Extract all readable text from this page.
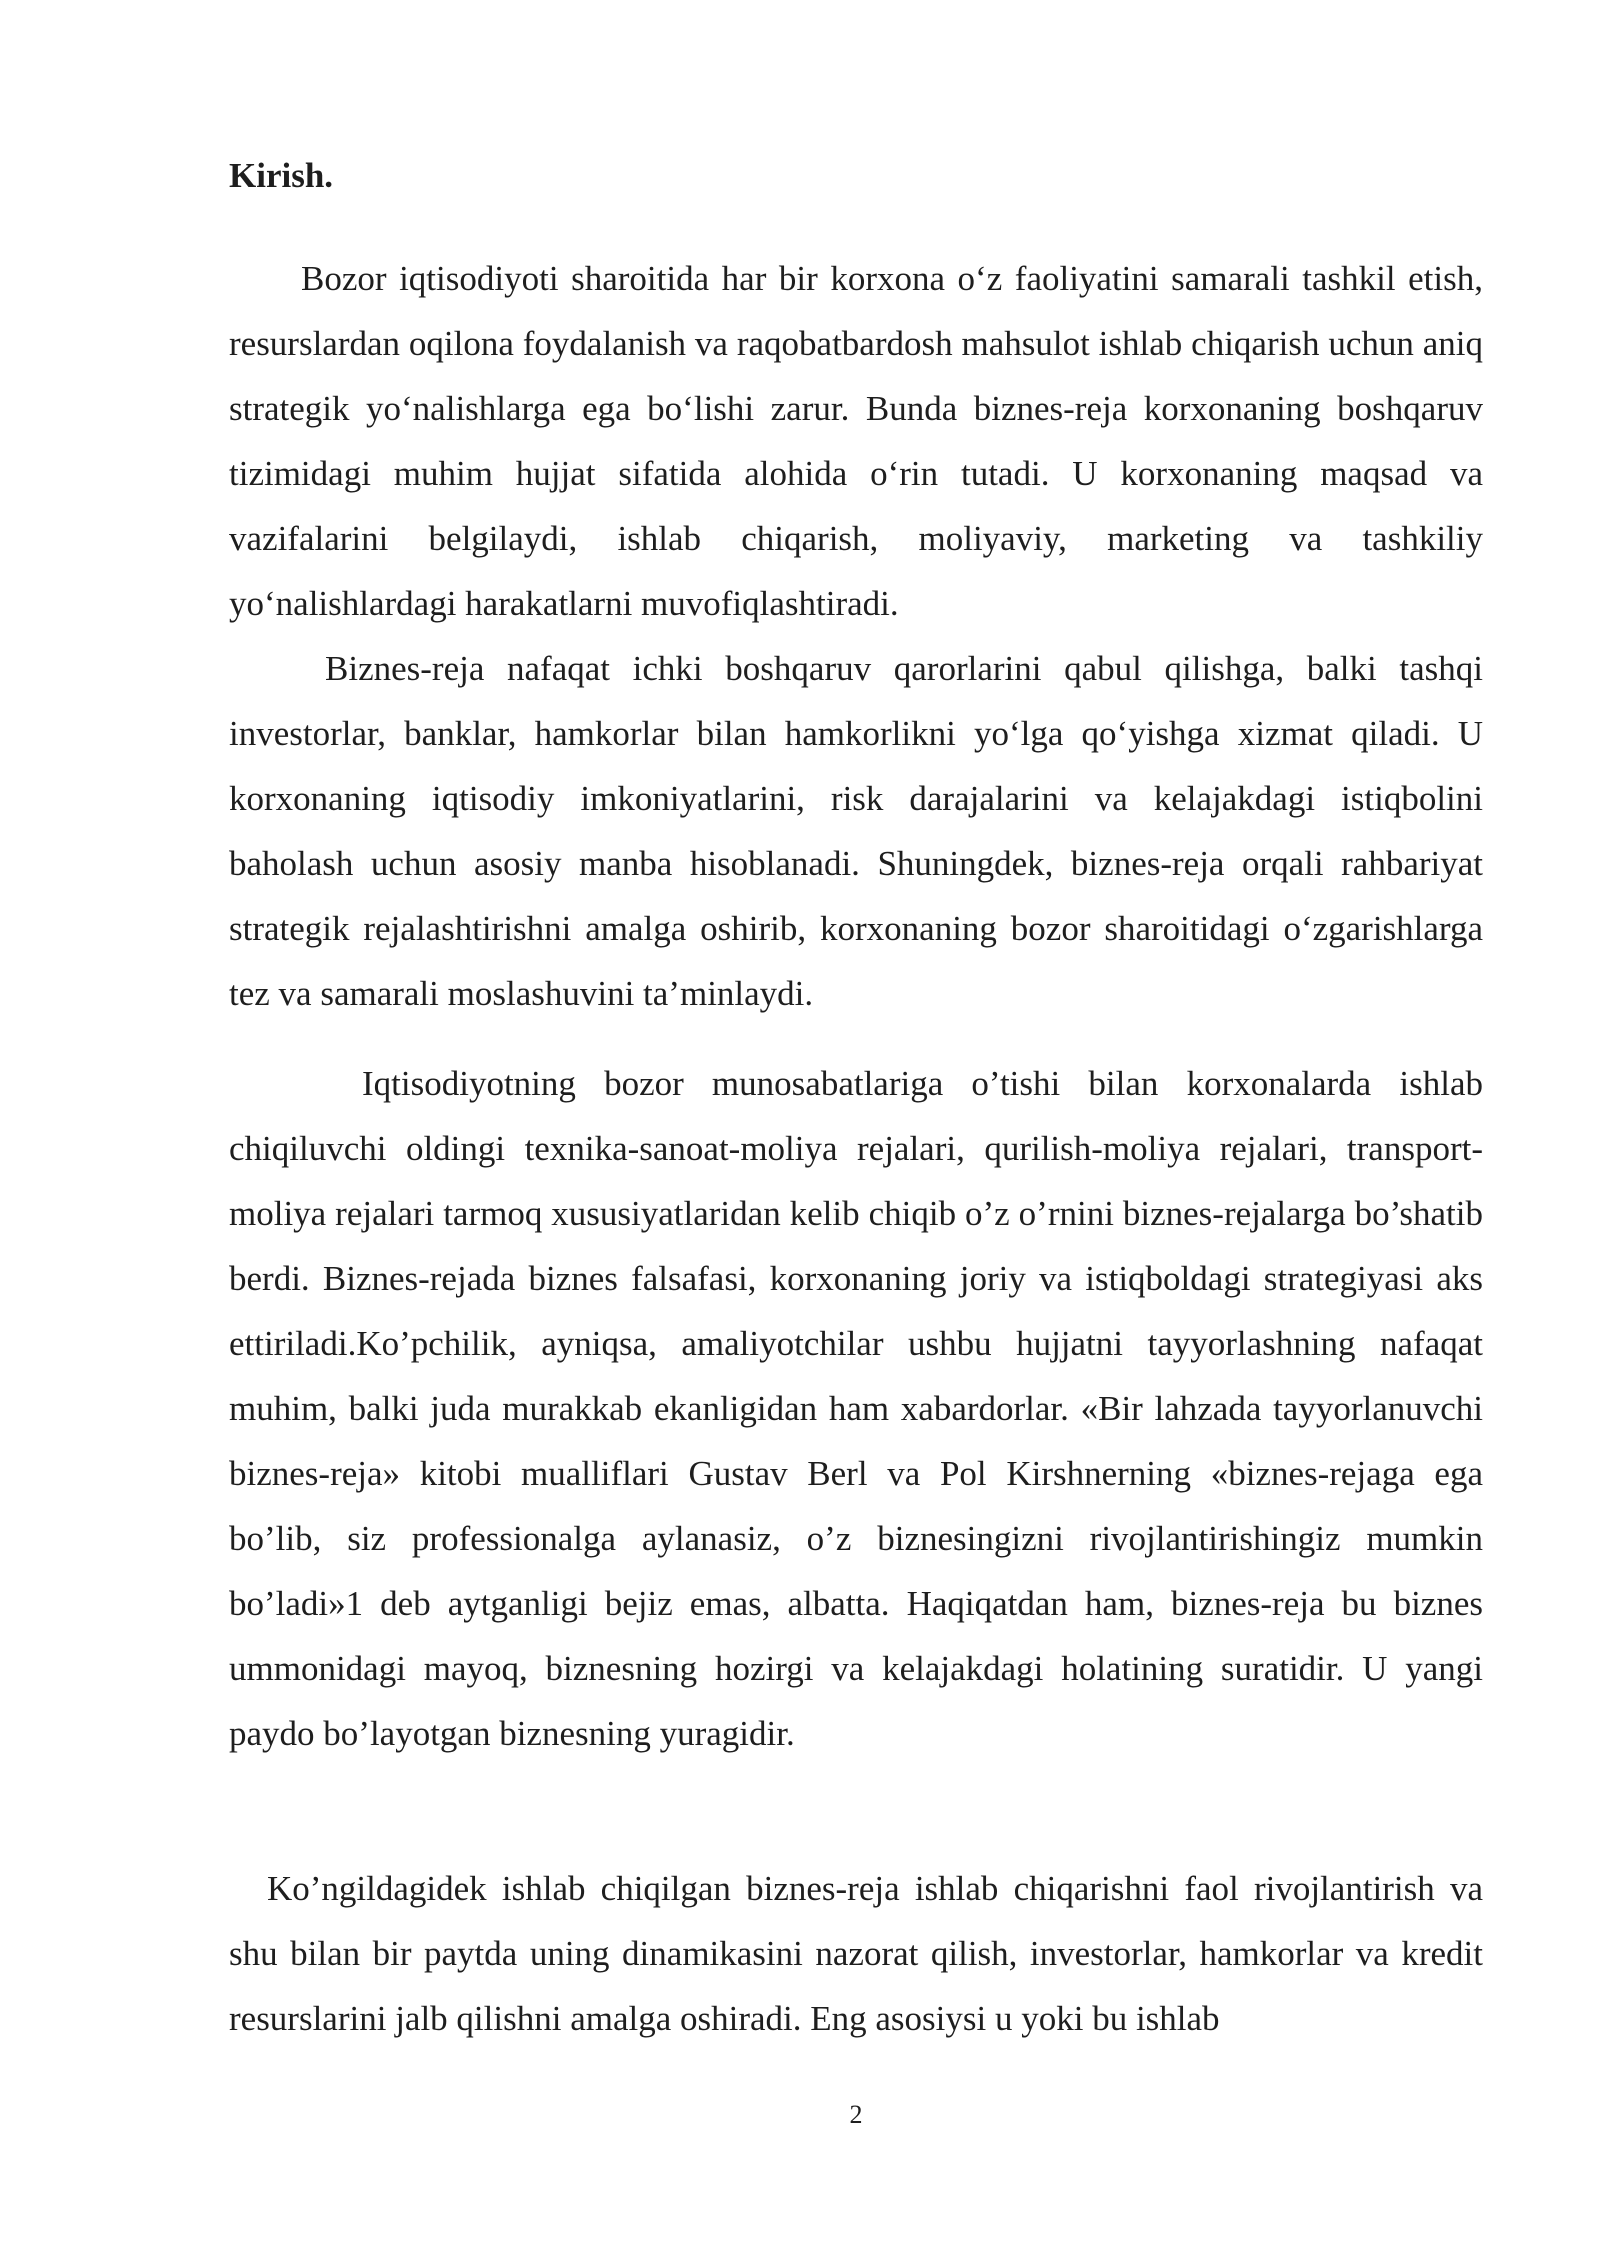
Kirish.

Bozor iqtisodiyoti sharoitida har bir korxona o‘z faoliyatini samarali tashkil etish, resurslardan oqilona foydalanish va raqobatbardosh mahsulot ishlab chiqarish uchun aniq strategik yo‘nalishlarga ega bo‘lishi zarur. Bunda biznes-reja korxonaning boshqaruv tizimidagi muhim hujjat sifatida alohida o‘rin tutadi. U korxonaning maqsad va vazifalarini belgilaydi, ishlab chiqarish, moliyaviy, marketing va tashkiliy yo‘nalishlardagi harakatlarni muvofiqlashtiradi.

Biznes-reja nafaqat ichki boshqaruv qarorlarini qabul qilishga, balki tashqi investorlar, banklar, hamkorlar bilan hamkorlikni yo‘lga qo‘yishga xizmat qiladi. U korxonaning iqtisodiy imkoniyatlarini, risk darajalarini va kelajakdagi istiqbolini baholash uchun asosiy manba hisoblanadi. Shuningdek, biznes-reja orqali rahbariyat strategik rejalashtirishni amalga oshirib, korxonaning bozor sharoitidagi o‘zgarishlarga tez va samarali moslashuvini ta’minlaydi.

Iqtisodiyotning bozor munosabatlariga o’tishi bilan korxonalarda ishlab chiqiluvchi oldingi texnika-sanoat-moliya rejalari, qurilish-moliya rejalari, transport-moliya rejalari tarmoq xususiyatlaridan kelib chiqib o’z o’rnini biznes-rejalarga bo’shatib berdi. Biznes-rejada biznes falsafasi, korxonaning joriy va istiqboldagi strategiyasi aks ettiriladi.Ko’pchilik, ayniqsa, amaliyotchilar ushbu hujjatni tayyorlashning nafaqat muhim, balki juda murakkab ekanligidan ham xabardorlar. «Bir lahzada tayyorlanuvchi biznes-reja» kitobi mualliflari Gustav Berl va Pol Kirshnerning «biznes-rejaga ega bo’lib, siz professionalga aylanasiz, o’z biznesingizni rivojlantirishingiz mumkin bo’ladi»1 deb aytganligi bejiz emas, albatta. Haqiqatdan ham, biznes-reja bu biznes ummonidagi mayoq, biznesning hozirgi va kelajakdagi holatining suratidir. U yangi paydo bo’layotgan biznesning yuragidir.

Ko’ngildagidek ishlab chiqilgan biznes-reja ishlab chiqarishni faol rivojlantirish va shu bilan bir paytda uning dinamikasini nazorat qilish, investorlar, hamkorlar va kredit resurslarini jalb qilishni amalga oshiradi. Eng asosiysi u yoki bu ishlab

2
